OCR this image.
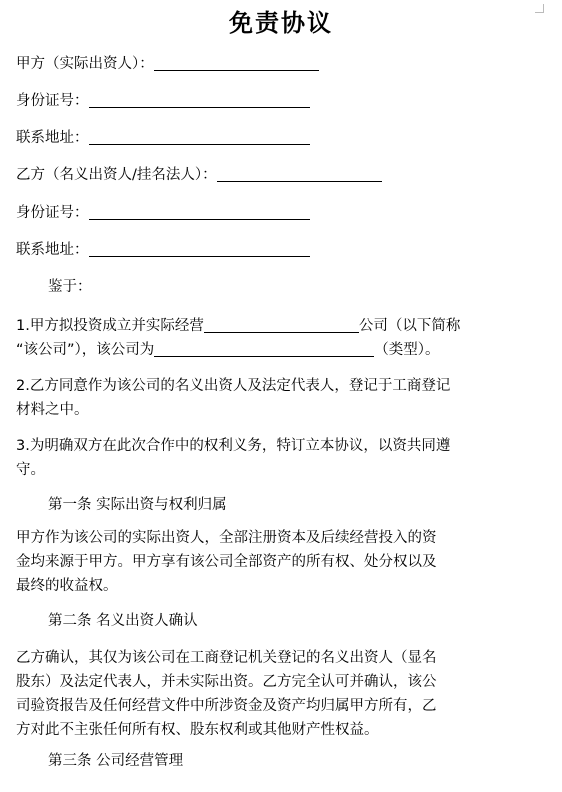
免责协议
甲方（实际出资人）：
身份证号：
联系地址：
乙方（名义出资人/挂名法人）：
身份证号：
联系地址：
鉴于：
1.甲方拟投资成立并实际经营	公司（以下简称
“该公司”），该公司为	（类型）。
2.乙方同意作为该公司的名义出资人及法定代表人，登记于工商登记
材料之中。
3.为明确双方在此次合作中的权利义务，特订立本协议，以资共同遵
守。
第一条 实际出资与权利归属
甲方作为该公司的实际出资人，全部注册资本及后续经营投入的资
金均来源于甲方。甲方享有该公司全部资产的所有权、处分权以及
最终的收益权。
第二条 名义出资人确认
乙方确认，其仅为该公司在工商登记机关登记的名义出资人（显名
股东）及法定代表人，并未实际出资。乙方完全认可并确认，该公
司验资报告及任何经营文件中所涉资金及资产均归属甲方所有，乙
方对此不主张任何所有权、股东权利或其他财产性权益。
第三条 公司经营管理
